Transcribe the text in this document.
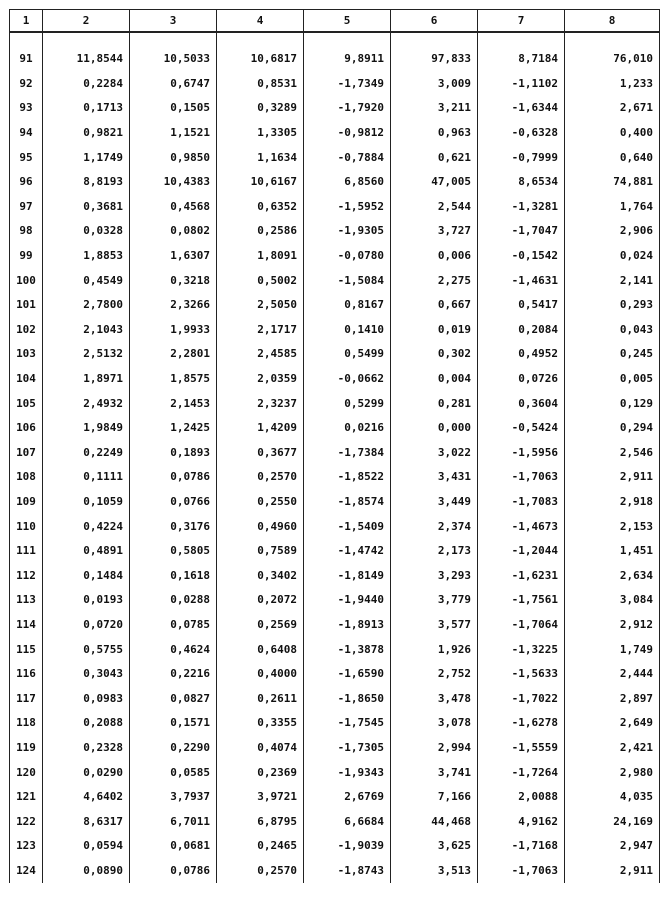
1	2	3	4	5	6	7	8

91	11,8544	10,5033	10,6817	9,8911	97,833	8,7184	76,010
92	0,2284	0,6747	0,8531	-1,7349	3,009	-1,1102	1,233
93	0,1713	0,1505	0,3289	-1,7920	3,211	-1,6344	2,671
94	0,9821	1,1521	1,3305	-0,9812	0,963	-0,6328	0,400
95	1,1749	0,9850	1,1634	-0,7884	0,621	-0,7999	0,640
96	8,8193	10,4383	10,6167	6,8560	47,005	8,6534	74,881
97	0,3681	0,4568	0,6352	-1,5952	2,544	-1,3281	1,764
98	0,0328	0,0802	0,2586	-1,9305	3,727	-1,7047	2,906
99	1,8853	1,6307	1,8091	-0,0780	0,006	-0,1542	0,024
100	0,4549	0,3218	0,5002	-1,5084	2,275	-1,4631	2,141
101	2,7800	2,3266	2,5050	0,8167	0,667	0,5417	0,293
102	2,1043	1,9933	2,1717	0,1410	0,019	0,2084	0,043
103	2,5132	2,2801	2,4585	0,5499	0,302	0,4952	0,245
104	1,8971	1,8575	2,0359	-0,0662	0,004	0,0726	0,005
105	2,4932	2,1453	2,3237	0,5299	0,281	0,3604	0,129
106	1,9849	1,2425	1,4209	0,0216	0,000	-0,5424	0,294
107	0,2249	0,1893	0,3677	-1,7384	3,022	-1,5956	2,546
108	0,1111	0,0786	0,2570	-1,8522	3,431	-1,7063	2,911
109	0,1059	0,0766	0,2550	-1,8574	3,449	-1,7083	2,918
110	0,4224	0,3176	0,4960	-1,5409	2,374	-1,4673	2,153
111	0,4891	0,5805	0,7589	-1,4742	2,173	-1,2044	1,451
112	0,1484	0,1618	0,3402	-1,8149	3,293	-1,6231	2,634
113	0,0193	0,0288	0,2072	-1,9440	3,779	-1,7561	3,084
114	0,0720	0,0785	0,2569	-1,8913	3,577	-1,7064	2,912
115	0,5755	0,4624	0,6408	-1,3878	1,926	-1,3225	1,749
116	0,3043	0,2216	0,4000	-1,6590	2,752	-1,5633	2,444
117	0,0983	0,0827	0,2611	-1,8650	3,478	-1,7022	2,897
118	0,2088	0,1571	0,3355	-1,7545	3,078	-1,6278	2,649
119	0,2328	0,2290	0,4074	-1,7305	2,994	-1,5559	2,421
120	0,0290	0,0585	0,2369	-1,9343	3,741	-1,7264	2,980
121	4,6402	3,7937	3,9721	2,6769	7,166	2,0088	4,035
122	8,6317	6,7011	6,8795	6,6684	44,468	4,9162	24,169
123	0,0594	0,0681	0,2465	-1,9039	3,625	-1,7168	2,947
124	0,0890	0,0786	0,2570	-1,8743	3,513	-1,7063	2,911
